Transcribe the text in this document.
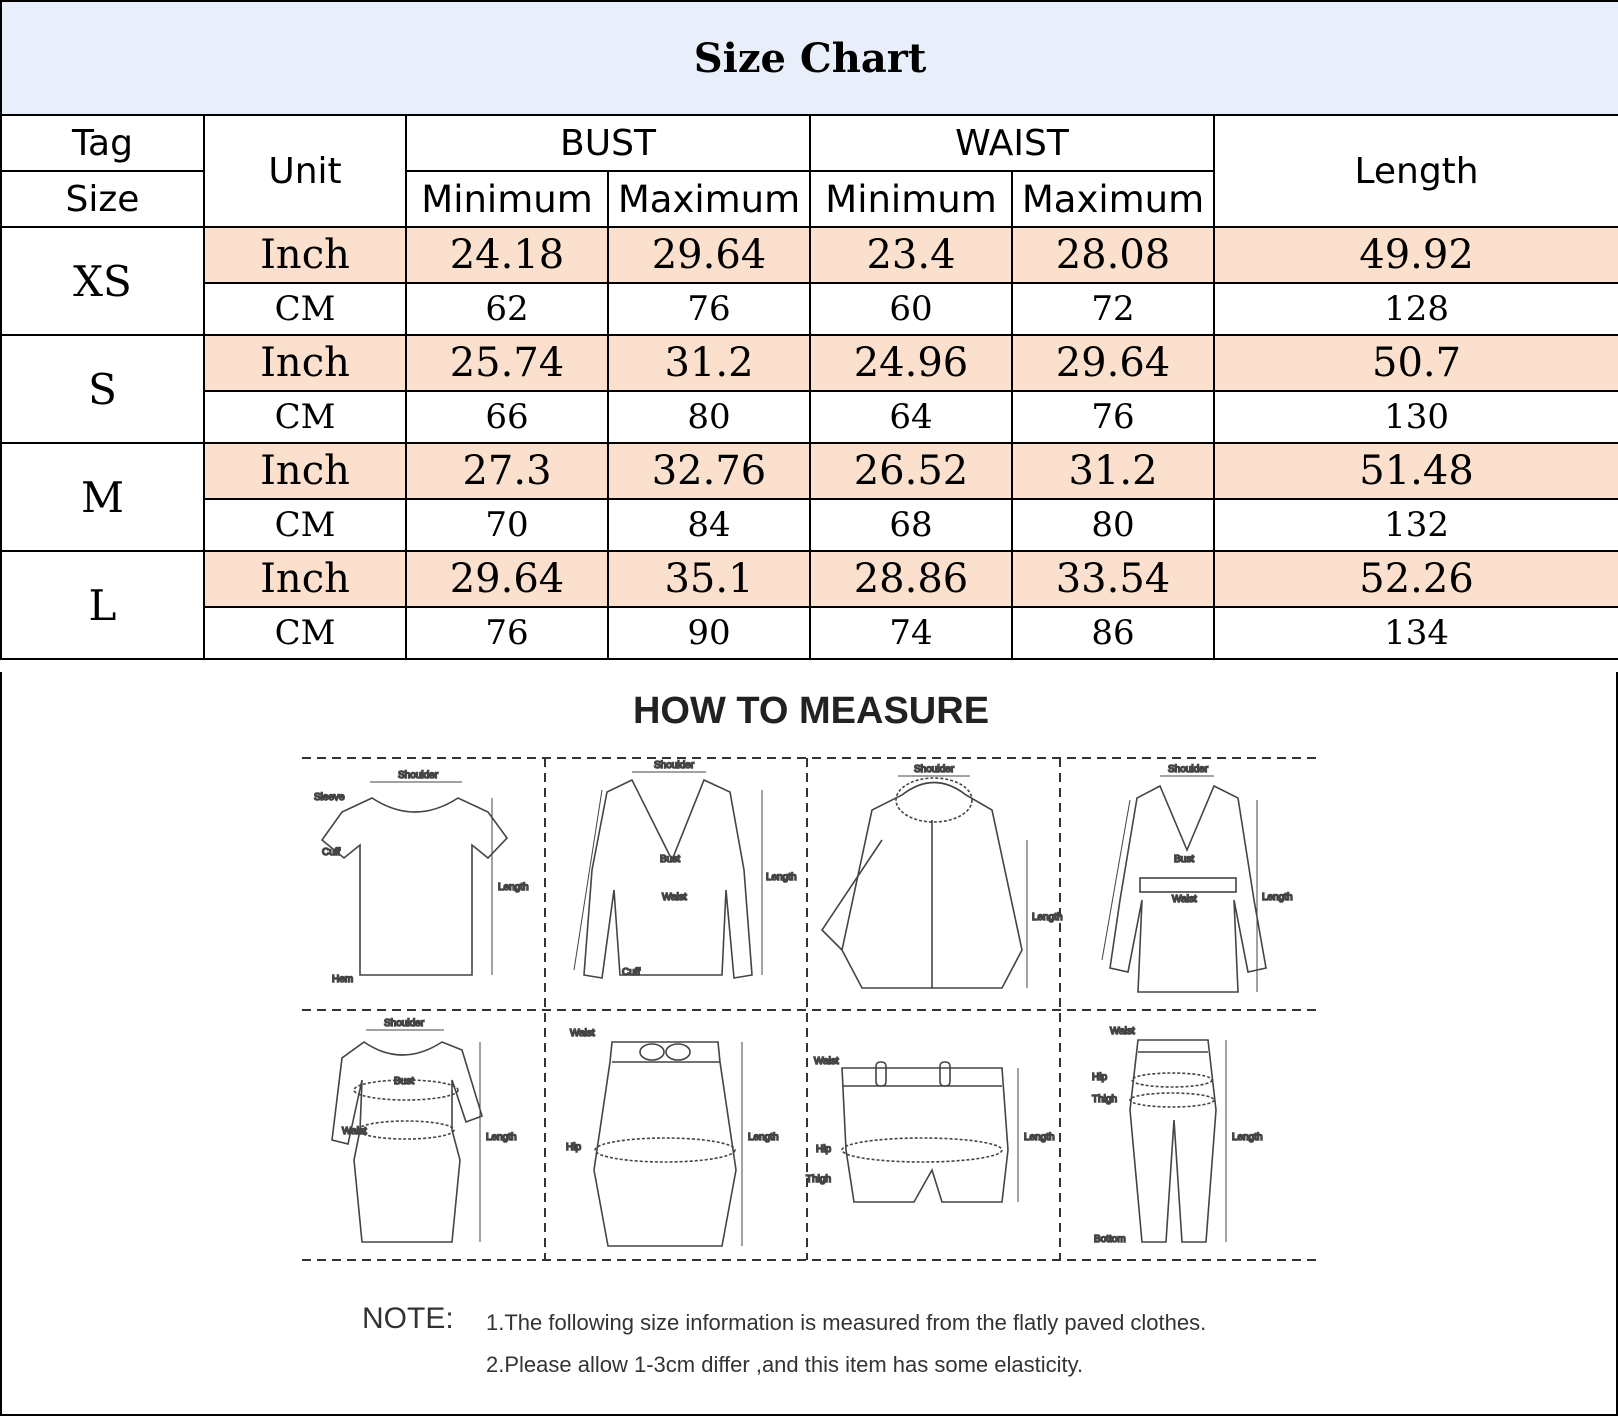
Size Chart						
Tag	Unit	BUST		WAIST		Length
Size		Minimum	Maximum	Minimum	Maximum	
XS	Inch	24.18	29.64	23.4	28.08	49.92
	CM	62	76	60	72	128
S	Inch	25.74	31.2	24.96	29.64	50.7
	CM	66	80	64	76	130
M	Inch	27.3	32.76	26.52	31.2	51.48
	CM	70	84	68	80	132
L	Inch	29.64	35.1	28.86	33.54	52.26
	CM	76	90	74	86	134
HOW TO MEASURE
Shoulder
Sleeve
Cuff
Hem
Length
Shoulder
Bust
Waist
Cuff
Length
Shoulder
Length
Shoulder
Bust
Waist	Length
Shoulder
Bust
Waist
Length
Waist
Hip
Length
Waist
Hip
Thigh
Length
Waist
Hip
Thigh
Bottom
Length
NOTE: 1.The following size information is measured from the flatly paved clothes.
2.Please allow 1-3cm differ ,and this item has some elasticity.
